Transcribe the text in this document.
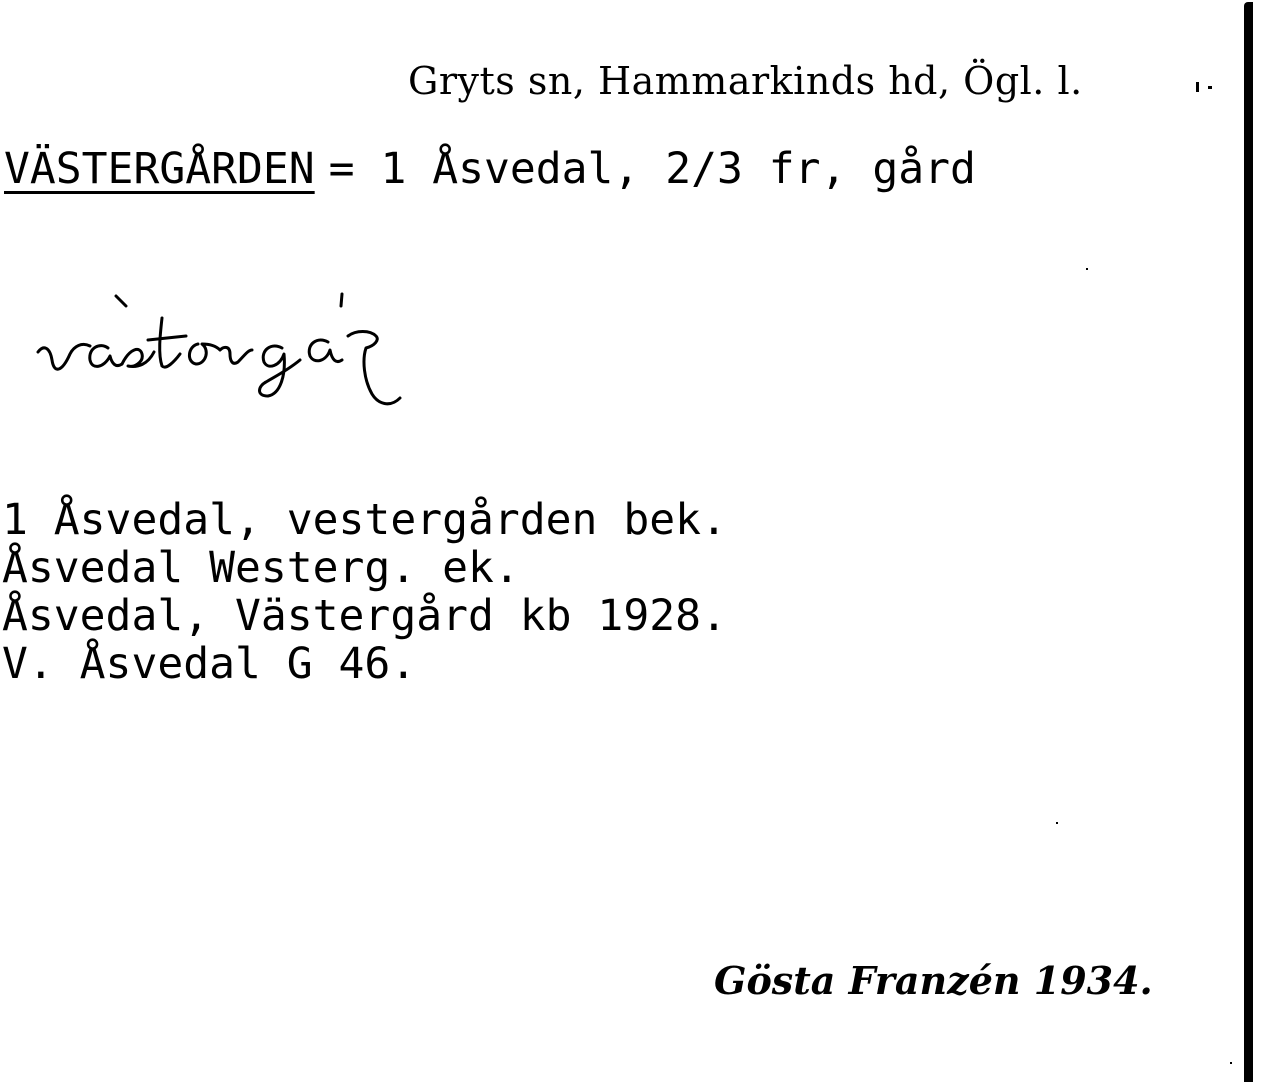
Gryts sn, Hammarkinds hd, Ögl. l.
VÄSTERGÅRDEN = 1 Åsvedal, 2/3 fr, gård
1 Åsvedal, vestergården bek.
Åsvedal Westerg. ek.
Åsvedal, Västergård kb 1928.
V. Åsvedal G 46.
Gösta Franzén 1934.
